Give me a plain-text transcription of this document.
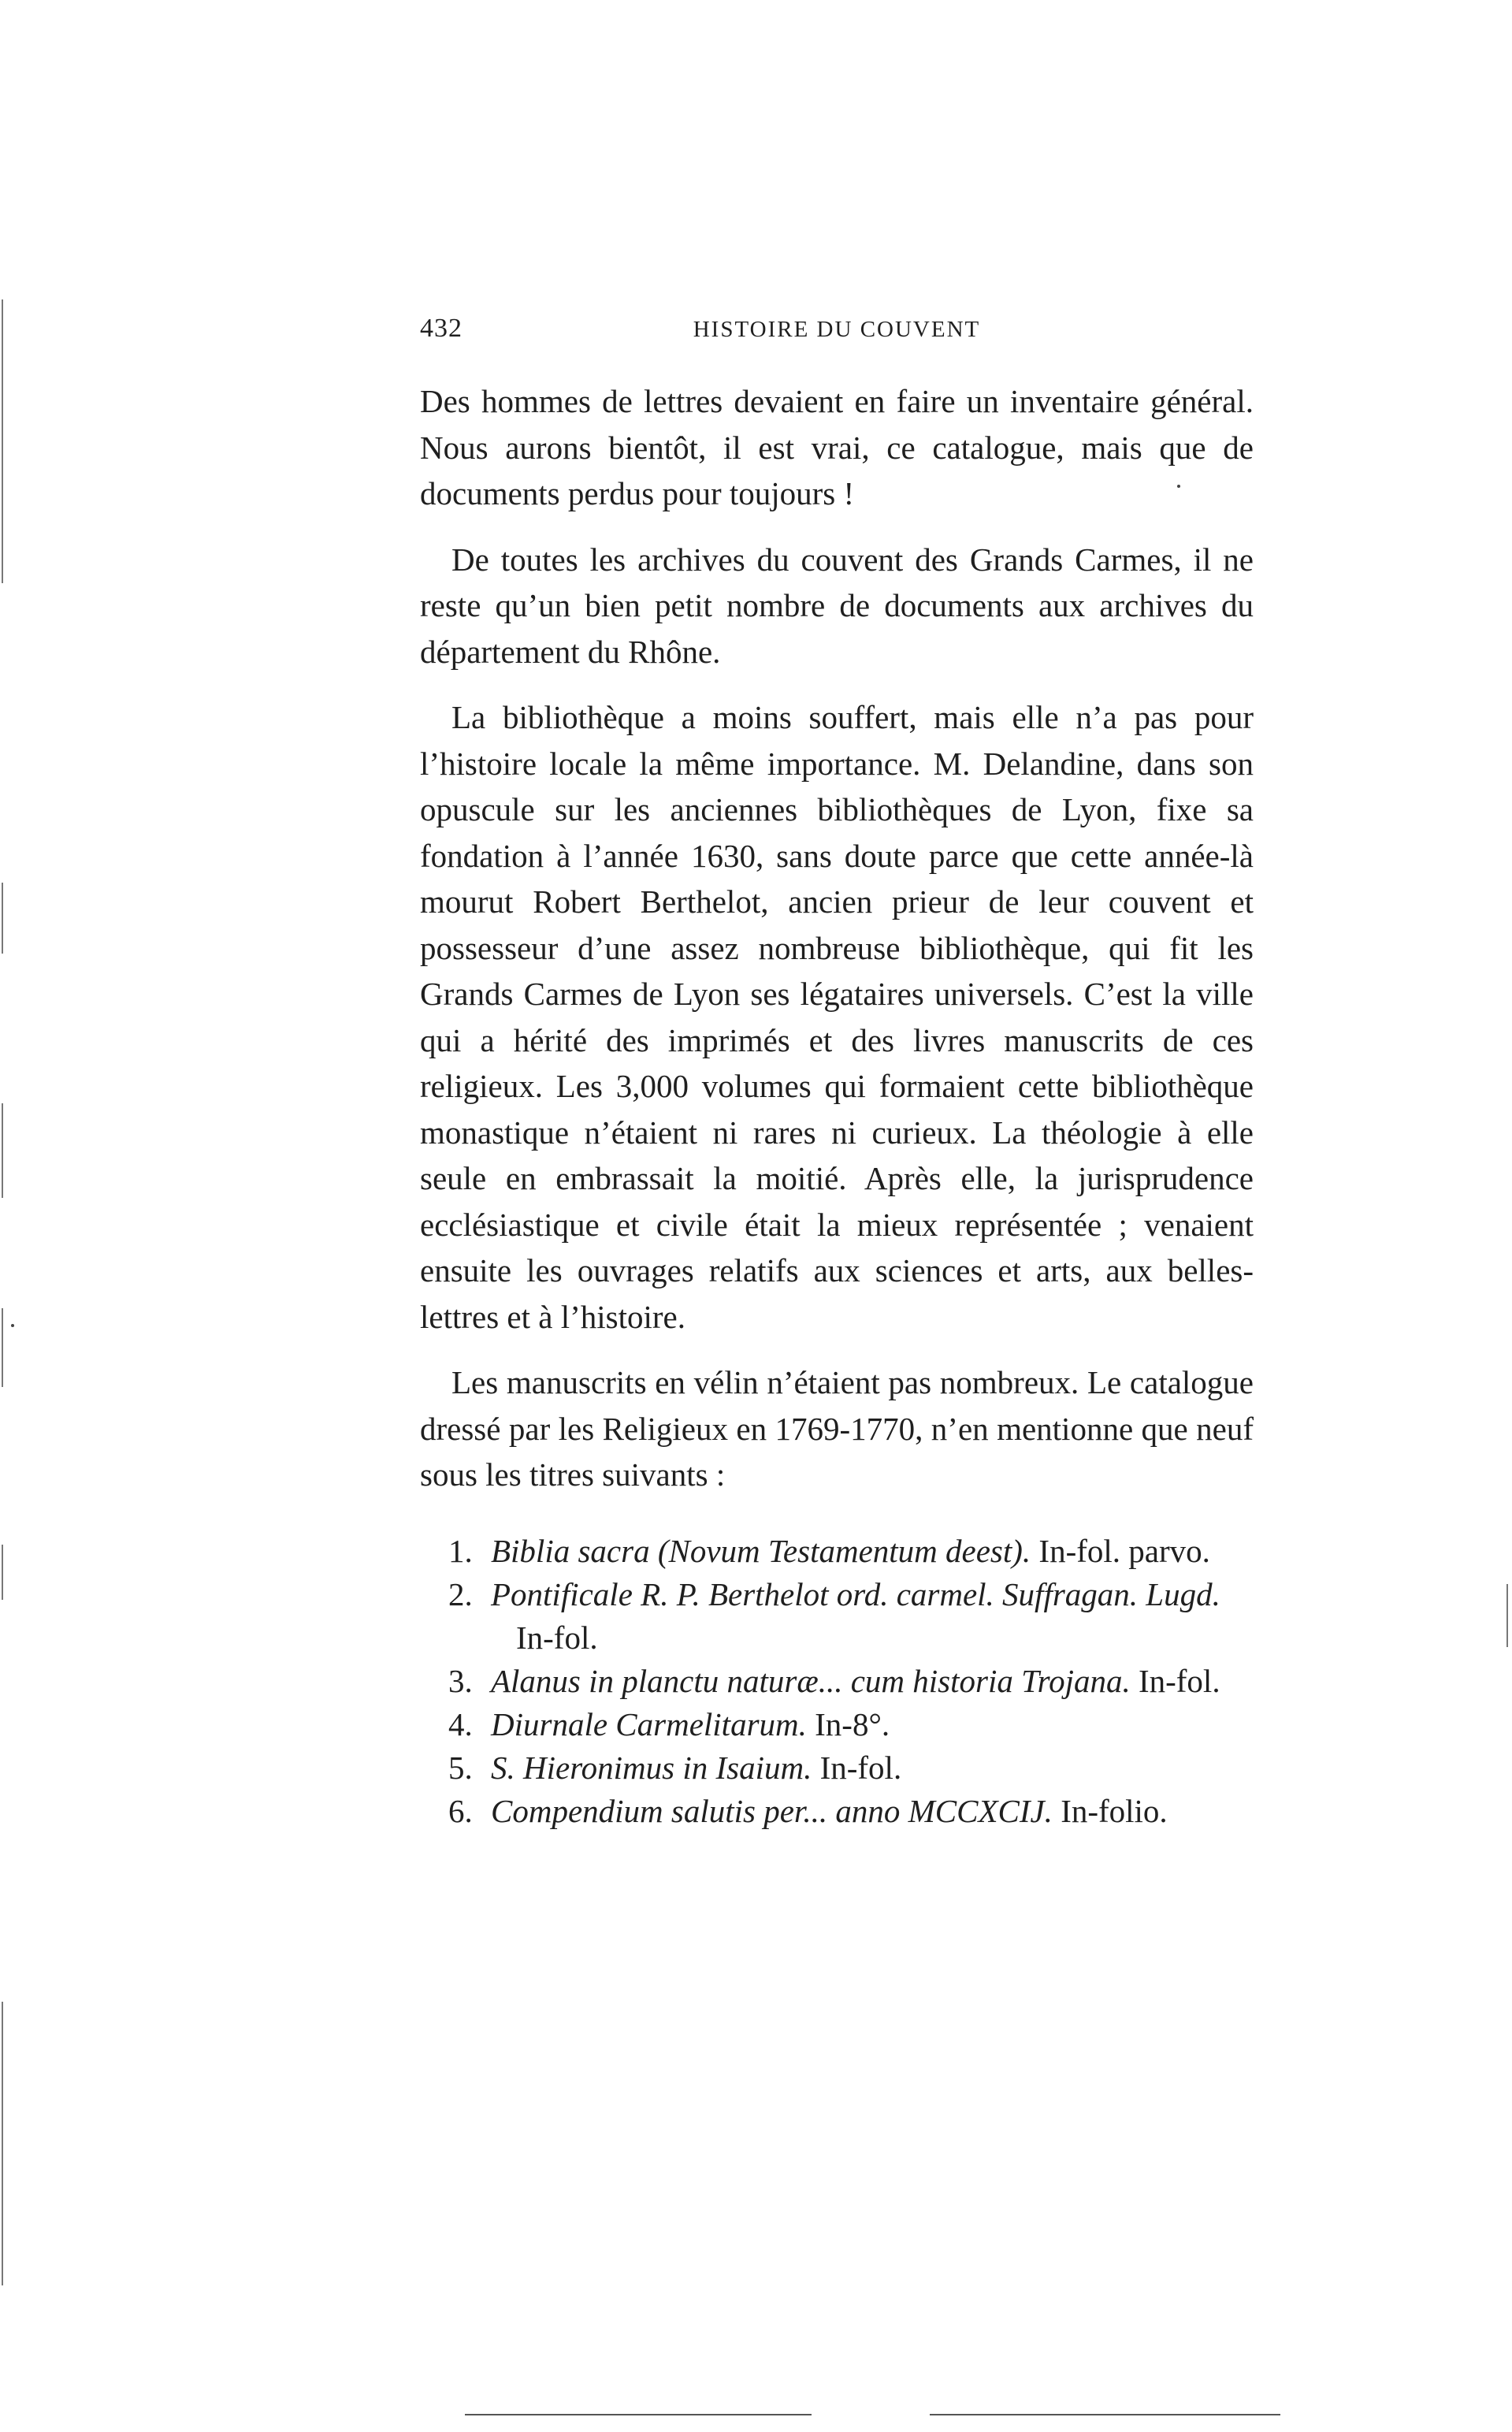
432	HISTOIRE DU COUVENT

Des hommes de lettres devaient en faire un inventaire général. Nous aurons bientôt, il est vrai, ce catalogue, mais que de documents perdus pour toujours !

De toutes les archives du couvent des Grands Carmes, il ne reste qu’un bien petit nombre de documents aux archives du département du Rhône.

La bibliothèque a moins souffert, mais elle n’a pas pour l’histoire locale la même importance. M. Delandine, dans son opuscule sur les anciennes bibliothèques de Lyon, fixe sa fondation à l’année 1630, sans doute parce que cette année-là mourut Robert Berthelot, ancien prieur de leur couvent et possesseur d’une assez nombreuse bibliothèque, qui fit les Grands Carmes de Lyon ses légataires universels. C’est la ville qui a hérité des imprimés et des livres manuscrits de ces religieux. Les 3,000 volumes qui formaient cette bibliothèque monastique n’étaient ni rares ni curieux. La théologie à elle seule en embrassait la moitié. Après elle, la jurisprudence ecclésiastique et civile était la mieux représentée ; venaient ensuite les ouvrages relatifs aux sciences et arts, aux belles-lettres et à l’histoire.

Les manuscrits en vélin n’étaient pas nombreux. Le catalogue dressé par les Religieux en 1769-1770, n’en mentionne que neuf sous les titres suivants :

1. Biblia sacra (Novum Testamentum deest). In-fol. parvo.
2. Pontificale R. P. Berthelot ord. carmel. Suffragan. Lugd.
In-fol.
3. Alanus in planctu naturæ... cum historia Trojana. In-fol.
4. Diurnale Carmelitarum. In-8°.
5. S. Hieronimus in Isaium. In-fol.
6. Compendium salutis per... anno MCCXCIJ. In-folio.
